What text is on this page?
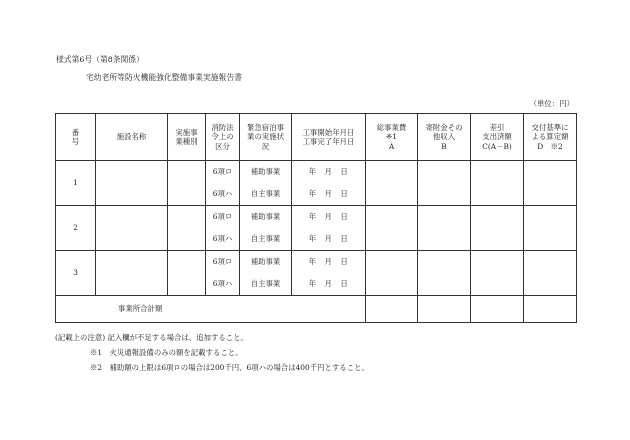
様式第6号（第8条関係）
宅幼老所等防火機能強化整備事業実施報告書
（単位：円）
番
号	施設名称	実施事
業種別	消防法
令上の
区分	緊急宿泊事
業の実施状
況	工事開始年月日
工事完了年月日	総事業費
※1
A	寄附金その
他収入
B	差引
支出済額
C(A－B)	交付基準に
よる算定額
D　※2
1			6項ロ	補助事業	年　月　日				
			6項ハ	自主事業	年　月　日				
2			6項ロ	補助事業	年　月　日				
			6項ハ	自主事業	年　月　日				
3			6項ロ	補助事業	年　月　日				
			6項ハ	自主事業	年　月　日				
事業所合計額									
(記載上の注意) 記入欄が不足する場合は、追加すること。
※1　火災通報設備のみの額を記載すること。
※2　補助額の上限は6項ロの場合は200千円、6項ハの場合は400千円とすること。
